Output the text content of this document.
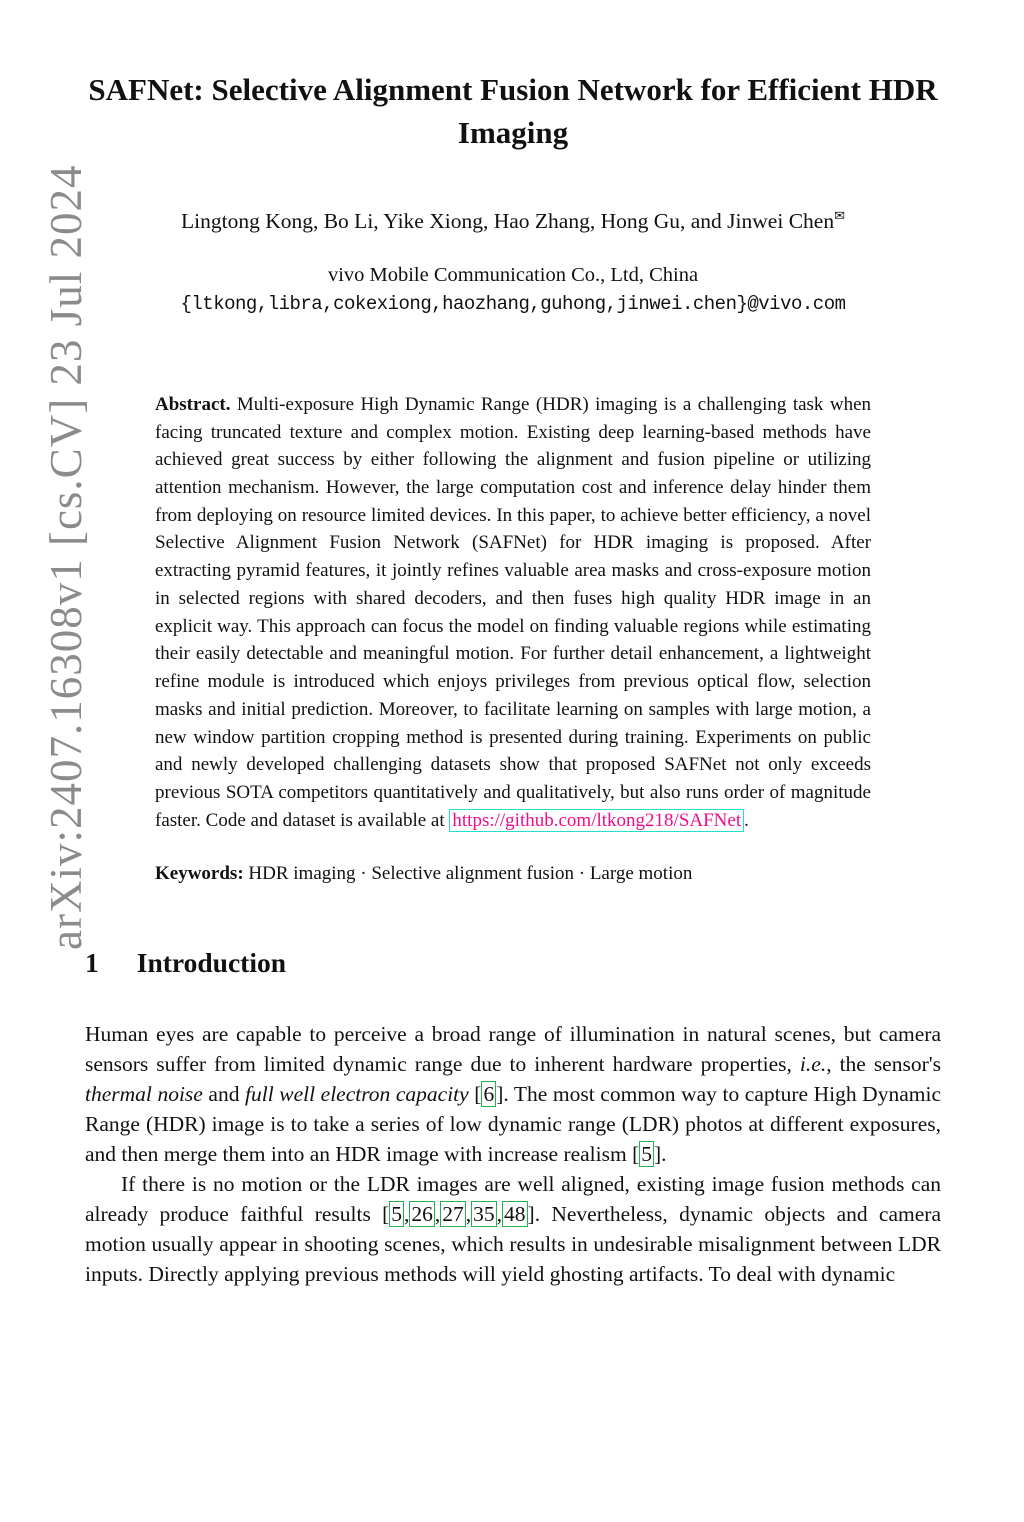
arXiv:2407.16308v1 [cs.CV] 23 Jul 2024
SAFNet: Selective Alignment Fusion Network for Efficient HDR Imaging
Lingtong Kong, Bo Li, Yike Xiong, Hao Zhang, Hong Gu, and Jinwei Chen✉
vivo Mobile Communication Co., Ltd, China
{ltkong,libra,cokexiong,haozhang,guhong,jinwei.chen}@vivo.com
Abstract. Multi-exposure High Dynamic Range (HDR) imaging is a challenging task when facing truncated texture and complex motion. Existing deep learning-based methods have achieved great success by either following the alignment and fusion pipeline or utilizing attention mechanism. However, the large computation cost and inference delay hinder them from deploying on resource limited devices. In this paper, to achieve better efficiency, a novel Selective Alignment Fusion Network (SAFNet) for HDR imaging is proposed. After extracting pyramid features, it jointly refines valuable area masks and cross-exposure motion in selected regions with shared decoders, and then fuses high quality HDR image in an explicit way. This approach can focus the model on finding valuable regions while estimating their easily detectable and meaningful motion. For further detail enhancement, a lightweight refine module is introduced which enjoys privileges from previous optical flow, selection masks and initial prediction. Moreover, to facilitate learning on samples with large motion, a new window partition cropping method is presented during training. Experiments on public and newly developed challenging datasets show that proposed SAFNet not only exceeds previous SOTA competitors quantitatively and qualitatively, but also runs order of magnitude faster. Code and dataset is available at https://github.com/ltkong218/SAFNet .
Keywords: HDR imaging · Selective alignment fusion · Large motion
1 Introduction

Human eyes are capable to perceive a broad range of illumination in natural scenes, but camera sensors suffer from limited dynamic range due to inherent hardware properties, i.e., the sensor's thermal noise and full well electron capacity [6]. The most common way to capture High Dynamic Range (HDR) image is to take a series of low dynamic range (LDR) photos at different exposures, and then merge them into an HDR image with increase realism [5].

If there is no motion or the LDR images are well aligned, existing image fusion methods can already produce faithful results [5,26,27,35,48]. Nevertheless, dynamic objects and camera motion usually appear in shooting scenes, which results in undesirable misalignment between LDR inputs. Directly applying previous methods will yield ghosting artifacts. To deal with dynamic
